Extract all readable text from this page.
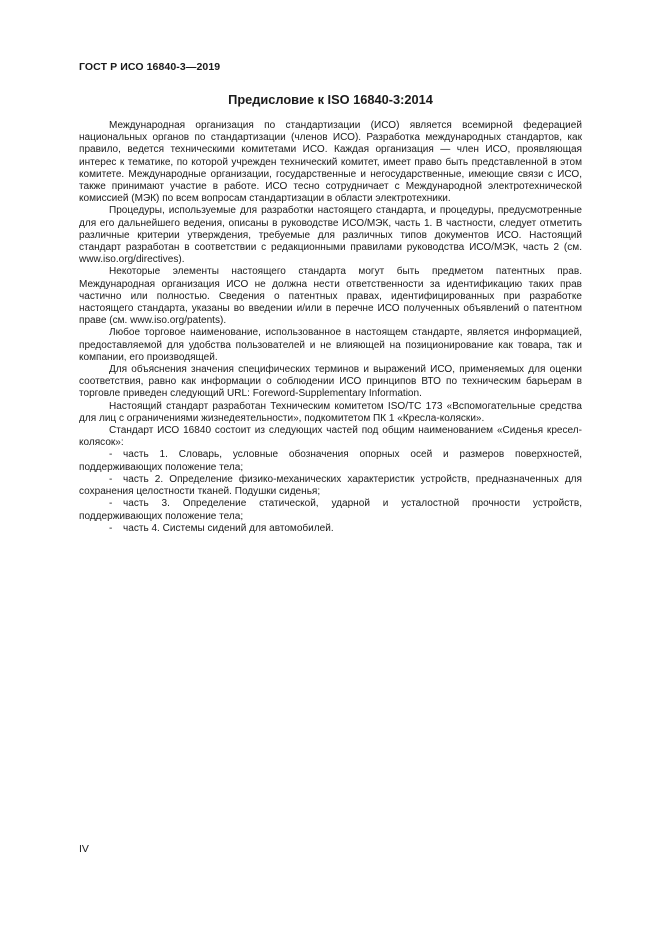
ГОСТ Р ИСО 16840-3—2019
Предисловие к ISO 16840-3:2014

Международная организация по стандартизации (ИСО) является всемирной федерацией национальных органов по стандартизации (членов ИСО). Разработка международных стандартов, как правило, ведется техническими комитетами ИСО. Каждая организация — член ИСО, проявляющая интерес к тематике, по которой учрежден технический комитет, имеет право быть представленной в этом комитете. Международные организации, государственные и негосударственные, имеющие связи с ИСО, также принимают участие в работе. ИСО тесно сотрудничает с Международной электротехнической комиссией (МЭК) по всем вопросам стандартизации в области электротехники.

Процедуры, используемые для разработки настоящего стандарта, и процедуры, предусмотренные для его дальнейшего ведения, описаны в руководстве ИСО/МЭК, часть 1. В частности, следует отметить различные критерии утверждения, требуемые для различных типов документов ИСО. Настоящий стандарт разработан в соответствии с редакционными правилами руководства ИСО/МЭК, часть 2 (см. www.iso.org/directives).

Некоторые элементы настоящего стандарта могут быть предметом патентных прав. Международная организация ИСО не должна нести ответственности за идентификацию таких прав частично или полностью. Сведения о патентных правах, идентифицированных при разработке настоящего стандарта, указаны во введении и/или в перечне ИСО полученных объявлений о патентном праве (см. www.iso.org/patents).

Любое торговое наименование, использованное в настоящем стандарте, является информацией, предоставляемой для удобства пользователей и не влияющей на позиционирование как товара, так и компании, его производящей.

Для объяснения значения специфических терминов и выражений ИСО, применяемых для оценки соответствия, равно как информации о соблюдении ИСО принципов ВТО по техническим барьерам в торговле приведен следующий URL: Foreword-Supplementary Information.

Настоящий стандарт разработан Техническим комитетом ISO/TC 173 «Вспомогательные средства для лиц с ограничениями жизнедеятельности», подкомитетом ПК 1 «Кресла-коляски».

Стандарт ИСО 16840 состоит из следующих частей под общим наименованием «Сиденья кресел-колясок»:

- часть 1. Словарь, условные обозначения опорных осей и размеров поверхностей, поддерживающих положение тела;

- часть 2. Определение физико-механических характеристик устройств, предназначенных для сохранения целостности тканей. Подушки сиденья;

- часть 3. Определение статической, ударной и усталостной прочности устройств, поддерживающих положение тела;

- часть 4. Системы сидений для автомобилей.

IV
